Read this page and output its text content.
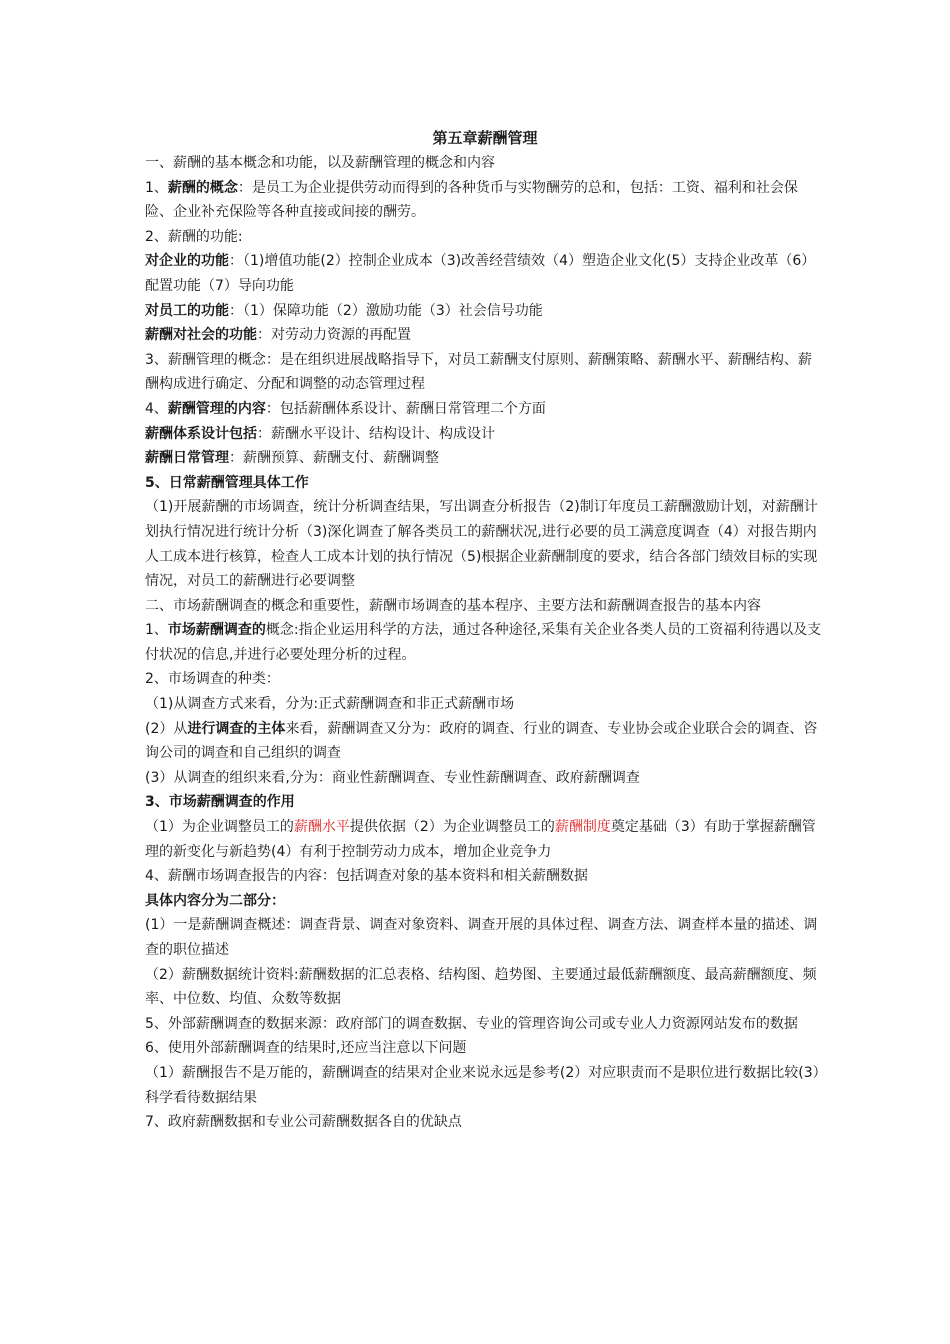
第五章薪酬管理

一、薪酬的基本概念和功能，以及薪酬管理的概念和内容

1、薪酬的概念：是员工为企业提供劳动而得到的各种货币与实物酬劳的总和，包括：工资、福利和社会保险、企业补充保险等各种直接或间接的酬劳。

2、薪酬的功能:

对企业的功能：（1)增值功能(2）控制企业成本（3)改善经营绩效（4）塑造企业文化(5）支持企业改革（6）配置功能（7）导向功能

对员工的功能：（1）保障功能（2）激励功能（3）社会信号功能

薪酬对社会的功能：对劳动力资源的再配置

3、薪酬管理的概念：是在组织进展战略指导下，对员工薪酬支付原则、薪酬策略、薪酬水平、薪酬结构、薪酬构成进行确定、分配和调整的动态管理过程

4、薪酬管理的内容：包括薪酬体系设计、薪酬日常管理二个方面

薪酬体系设计包括：薪酬水平设计、结构设计、构成设计

薪酬日常管理：薪酬预算、薪酬支付、薪酬调整

5、日常薪酬管理具体工作

（1)开展薪酬的市场调查，统计分析调查结果，写出调查分析报告（2)制订年度员工薪酬激励计划，对薪酬计划执行情况进行统计分析（3)深化调查了解各类员工的薪酬状况,进行必要的员工满意度调查（4）对报告期内人工成本进行核算，检查人工成本计划的执行情况（5)根据企业薪酬制度的要求，结合各部门绩效目标的实现情况，对员工的薪酬进行必要调整

二、市场薪酬调查的概念和重要性，薪酬市场调查的基本程序、主要方法和薪酬调查报告的基本内容

1、市场薪酬调查的概念:指企业运用科学的方法，通过各种途径,采集有关企业各类人员的工资福利待遇以及支付状况的信息,并进行必要处理分析的过程。

2、市场调查的种类：

（1)从调查方式来看，分为:正式薪酬调查和非正式薪酬市场

(2）从进行调查的主体来看，薪酬调查又分为：政府的调查、行业的调查、专业协会或企业联合会的调查、咨询公司的调查和自己组织的调查

(3）从调查的组织来看,分为：商业性薪酬调查、专业性薪酬调查、政府薪酬调查

3、市场薪酬调查的作用

（1）为企业调整员工的薪酬水平提供依据（2）为企业调整员工的薪酬制度奠定基础（3）有助于掌握薪酬管理的新变化与新趋势(4）有利于控制劳动力成本，增加企业竞争力

4、薪酬市场调查报告的内容：包括调查对象的基本资料和相关薪酬数据

具体内容分为二部分：

(1）一是薪酬调查概述：调查背景、调查对象资料、调查开展的具体过程、调查方法、调查样本量的描述、调查的职位描述

（2）薪酬数据统计资料:薪酬数据的汇总表格、结构图、趋势图、主要通过最低薪酬额度、最高薪酬额度、频率、中位数、均值、众数等数据

5、外部薪酬调查的数据来源：政府部门的调查数据、专业的管理咨询公司或专业人力资源网站发布的数据

6、使用外部薪酬调查的结果时,还应当注意以下问题

（1）薪酬报告不是万能的，薪酬调查的结果对企业来说永远是参考(2）对应职责而不是职位进行数据比较(3）科学看待数据结果

7、政府薪酬数据和专业公司薪酬数据各自的优缺点
